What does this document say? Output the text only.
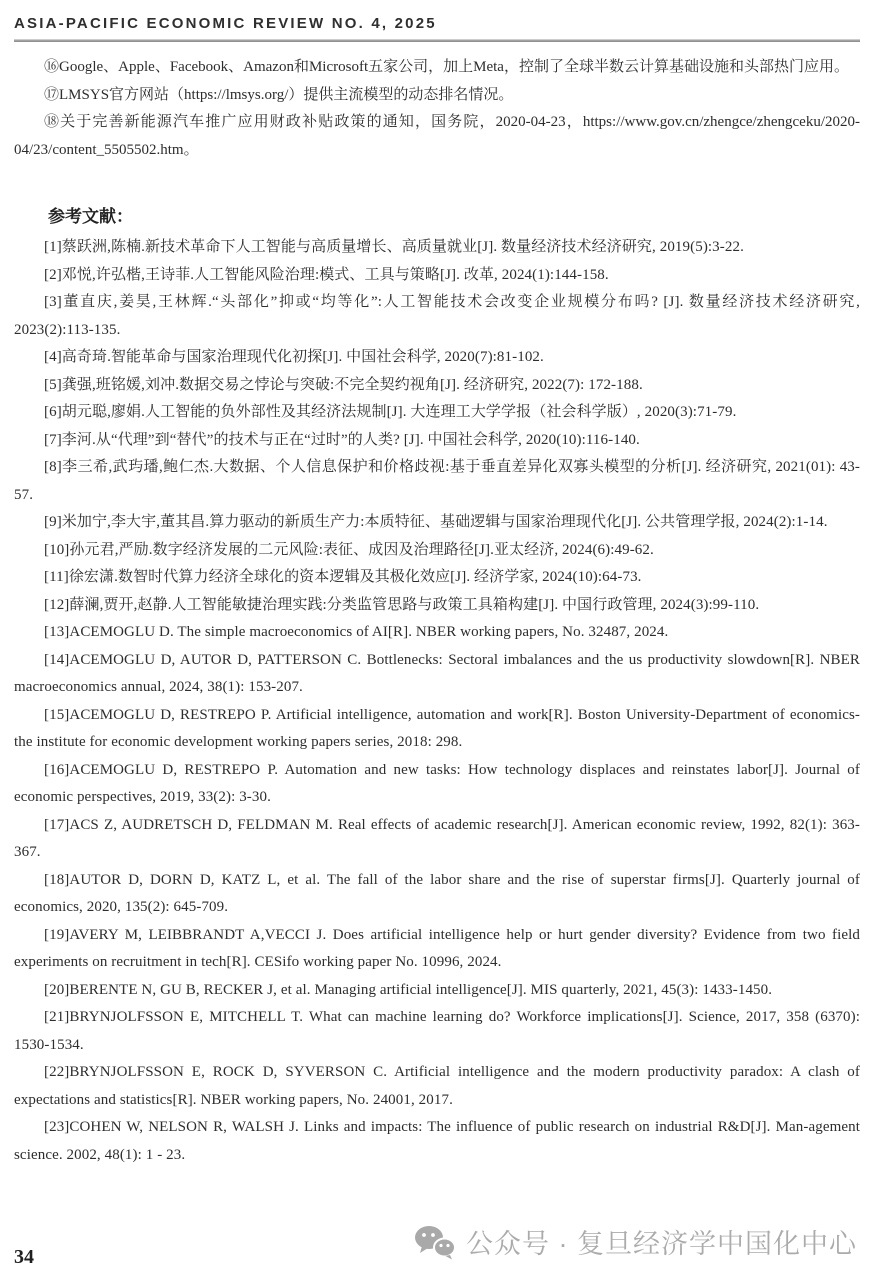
ASIA-PACIFIC ECONOMIC REVIEW NO. 4, 2025

⑯Google、Apple、Facebook、Amazon和Microsoft五家公司，加上Meta，控制了全球半数云计算基础设施和头部热门应用。

⑰LMSYS官方网站（https://lmsys.org/）提供主流模型的动态排名情况。

⑱关于完善新能源汽车推广应用财政补贴政策的通知，国务院，2020-04-23，https://www.gov.cn/zhengce/zhengceku/2020-04/23/content_5505502.htm。

参考文献：

[1]蔡跃洲,陈楠.新技术革命下人工智能与高质量增长、高质量就业[J]. 数量经济技术经济研究, 2019(5):3-22.

[2]邓悦,许弘楷,王诗菲.人工智能风险治理:模式、工具与策略[J]. 改革, 2024(1):144-158.

[3]董直庆,姜昊,王林辉.“头部化”抑或“均等化”:人工智能技术会改变企业规模分布吗? [J]. 数量经济技术经济研究, 2023(2):113-135.

[4]高奇琦.智能革命与国家治理现代化初探[J]. 中国社会科学, 2020(7):81-102.

[5]龚强,班铭媛,刘冲.数据交易之悖论与突破:不完全契约视角[J]. 经济研究, 2022(7): 172-188.

[6]胡元聪,廖娟.人工智能的负外部性及其经济法规制[J]. 大连理工大学学报（社会科学版）, 2020(3):71-79.

[7]李河.从“代理”到“替代”的技术与正在“过时”的人类? [J]. 中国社会科学, 2020(10):116-140.

[8]李三希,武玙璠,鲍仁杰.大数据、个人信息保护和价格歧视:基于垂直差异化双寡头模型的分析[J]. 经济研究, 2021(01): 43-57.

[9]米加宁,李大宇,董其昌.算力驱动的新质生产力:本质特征、基础逻辑与国家治理现代化[J]. 公共管理学报, 2024(2):1-14.

[10]孙元君,严励.数字经济发展的二元风险:表征、成因及治理路径[J].亚太经济, 2024(6):49-62.

[11]徐宏潇.数智时代算力经济全球化的资本逻辑及其极化效应[J]. 经济学家, 2024(10):64-73.

[12]薛澜,贾开,赵静.人工智能敏捷治理实践:分类监管思路与政策工具箱构建[J]. 中国行政管理, 2024(3):99-110.

[13]ACEMOGLU D. The simple macroeconomics of AI[R]. NBER working papers, No. 32487, 2024.

[14]ACEMOGLU D, AUTOR D, PATTERSON C. Bottlenecks: Sectoral imbalances and the us productivity slowdown[R]. NBER macroeconomics annual, 2024, 38(1): 153-207.

[15]ACEMOGLU D, RESTREPO P. Artificial intelligence, automation and work[R]. Boston University-Department of economics-the institute for economic development working papers series, 2018: 298.

[16]ACEMOGLU D, RESTREPO P. Automation and new tasks: How technology displaces and reinstates labor[J]. Journal of economic perspectives, 2019, 33(2): 3-30.

[17]ACS Z, AUDRETSCH D, FELDMAN M. Real effects of academic research[J]. American economic review, 1992, 82(1): 363-367.

[18]AUTOR D, DORN D, KATZ L, et al. The fall of the labor share and the rise of superstar firms[J]. Quarterly journal of economics, 2020, 135(2): 645-709.

[19]AVERY M, LEIBBRANDT A,VECCI J. Does artificial intelligence help or hurt gender diversity? Evidence from two field experiments on recruitment in tech[R]. CESifo working paper No. 10996, 2024.

[20]BERENTE N, GU B, RECKER J, et al. Managing artificial intelligence[J]. MIS quarterly, 2021, 45(3): 1433-1450.

[21]BRYNJOLFSSON E, MITCHELL T. What can machine learning do? Workforce implications[J]. Science, 2017, 358 (6370): 1530-1534.

[22]BRYNJOLFSSON E, ROCK D, SYVERSON C. Artificial intelligence and the modern productivity paradox: A clash of expectations and statistics[R]. NBER working papers, No. 24001, 2017.

[23]COHEN W, NELSON R, WALSH J. Links and impacts: The influence of public research on industrial R&D[J]. Man-agement science. 2002, 48(1): 1 - 23.

34	公众号 · 复旦经济学中国化中心
